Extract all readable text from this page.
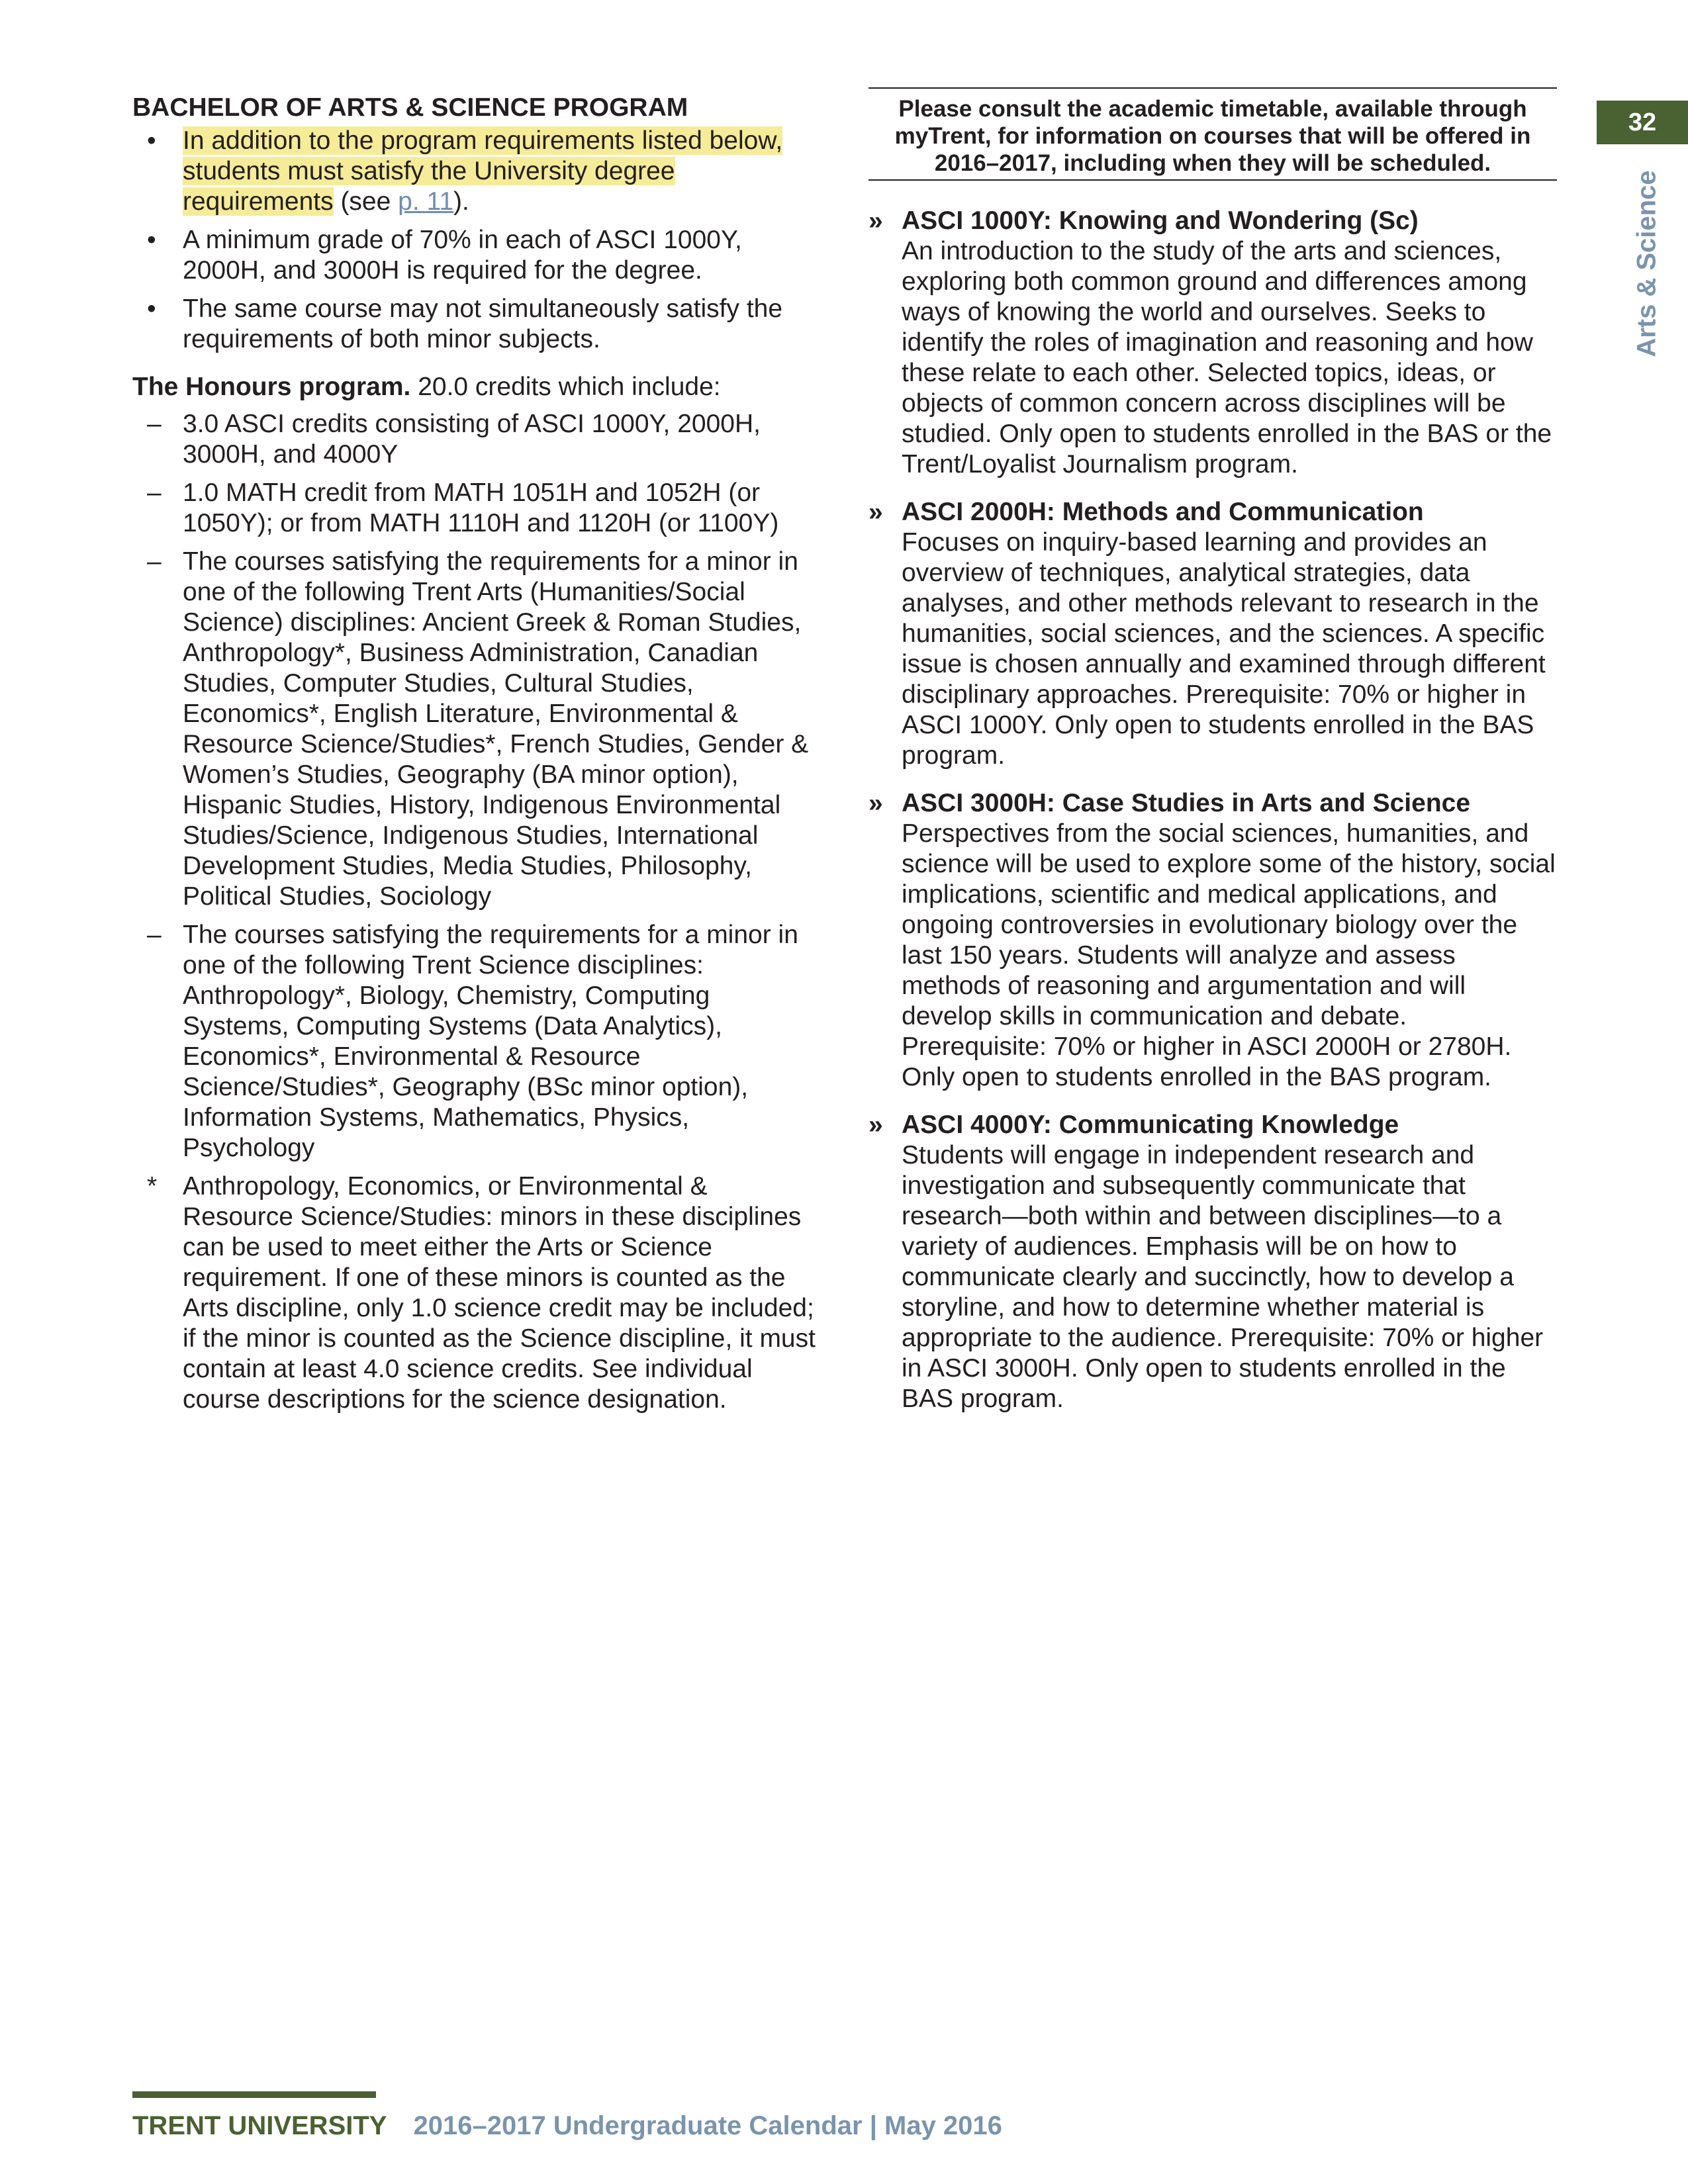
32
Arts & Science
BACHELOR OF ARTS & SCIENCE PROGRAM
•	In addition to the program requirements listed below, students must satisfy the University degree requirements (see p. 11).
•	A minimum grade of 70% in each of ASCI 1000Y, 2000H, and 3000H is required for the degree.
•	The same course may not simultaneously satisfy the requirements of both minor subjects.
The Honours program. 20.0 credits which include:
– 3.0 ASCI credits consisting of ASCI 1000Y, 2000H, 3000H, and 4000Y
– 1.0 MATH credit from MATH 1051H and 1052H (or 1050Y); or from MATH 1110H and 1120H (or 1100Y)
– The courses satisfying the requirements for a minor in one of the following Trent Arts (Humanities/Social Science) disciplines: Ancient Greek & Roman Studies, Anthropology*, Business Administration, Canadian Studies, Computer Studies, Cultural Studies, Economics*, English Literature, Environmental & Resource Science/Studies*, French Studies, Gender & Women’s Studies, Geography (BA minor option), Hispanic Studies, History, Indigenous Environmental Studies/Science, Indigenous Studies, International Development Studies, Media Studies, Philosophy, Political Studies, Sociology
– The courses satisfying the requirements for a minor in one of the following Trent Science disciplines: Anthropology*, Biology, Chemistry, Computing Systems, Computing Systems (Data Analytics), Economics*, Environmental & Resource Science/Studies*, Geography (BSc minor option), Information Systems, Mathematics, Physics, Psychology
* Anthropology, Economics, or Environmental & Resource Science/Studies: minors in these disciplines can be used to meet either the Arts or Science requirement. If one of these minors is counted as the Arts discipline, only 1.0 science credit may be included; if the minor is counted as the Science discipline, it must contain at least 4.0 science credits. See individual course descriptions for the science designation.
Please consult the academic timetable, available through myTrent, for information on courses that will be offered in 2016–2017, including when they will be scheduled.
» ASCI 1000Y: Knowing and Wondering (Sc)
An introduction to the study of the arts and sciences, exploring both common ground and differences among ways of knowing the world and ourselves. Seeks to identify the roles of imagination and reasoning and how these relate to each other. Selected topics, ideas, or objects of common concern across disciplines will be studied. Only open to students enrolled in the BAS or the Trent/Loyalist Journalism program.
» ASCI 2000H: Methods and Communication
Focuses on inquiry-based learning and provides an overview of techniques, analytical strategies, data analyses, and other methods relevant to research in the humanities, social sciences, and the sciences. A specific issue is chosen annually and examined through different disciplinary approaches. Prerequisite: 70% or higher in ASCI 1000Y. Only open to students enrolled in the BAS program.
» ASCI 3000H: Case Studies in Arts and Science
Perspectives from the social sciences, humanities, and science will be used to explore some of the history, social implications, scientific and medical applications, and ongoing controversies in evolutionary biology over the last 150 years. Students will analyze and assess methods of reasoning and argumentation and will develop skills in communication and debate. Prerequisite: 70% or higher in ASCI 2000H or 2780H. Only open to students enrolled in the BAS program.
» ASCI 4000Y: Communicating Knowledge
Students will engage in independent research and investigation and subsequently communicate that research—both within and between disciplines—to a variety of audiences. Emphasis will be on how to communicate clearly and succinctly, how to develop a storyline, and how to determine whether material is appropriate to the audience. Prerequisite: 70% or higher in ASCI 3000H. Only open to students enrolled in the BAS program.
TRENT UNIVERSITY 2016–2017 Undergraduate Calendar | May 2016
